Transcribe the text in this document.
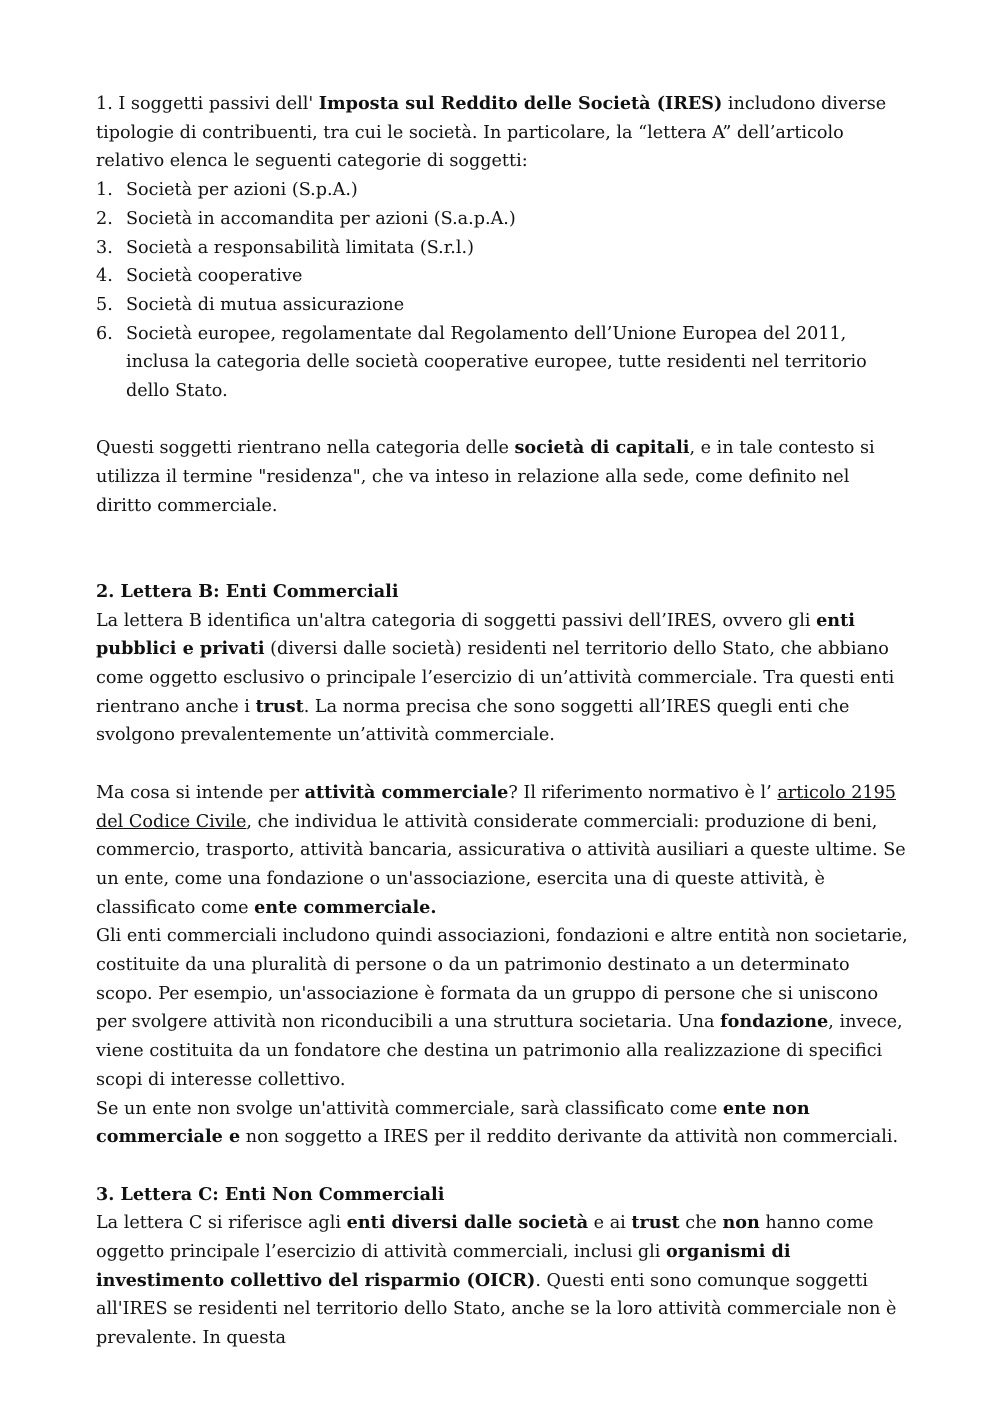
1. I soggetti passivi dell' Imposta sul Reddito delle Società (IRES) includono diverse tipologie di contribuenti, tra cui le società. In particolare, la “lettera A” dell’articolo relativo elenca le seguenti categorie di soggetti:

1. Società per azioni (S.p.A.)
2. Società in accomandita per azioni (S.a.p.A.)
3. Società a responsabilità limitata (S.r.l.)
4. Società cooperative
5. Società di mutua assicurazione
6. Società europee, regolamentate dal Regolamento dell’Unione Europea del 2011, inclusa la categoria delle società cooperative europee, tutte residenti nel territorio dello Stato.

Questi soggetti rientrano nella categoria delle società di capitali, e in tale contesto si utilizza il termine "residenza", che va inteso in relazione alla sede, come definito nel diritto commerciale.

2. Lettera B: Enti Commerciali

La lettera B identifica un'altra categoria di soggetti passivi dell’IRES, ovvero gli enti pubblici e privati (diversi dalle società) residenti nel territorio dello Stato, che abbiano come oggetto esclusivo o principale l’esercizio di un’attività commerciale. Tra questi enti rientrano anche i trust. La norma precisa che sono soggetti all’IRES quegli enti che svolgono prevalentemente un’attività commerciale.

Ma cosa si intende per attività commerciale? Il riferimento normativo è l’ articolo 2195 del Codice Civile, che individua le attività considerate commerciali: produzione di beni, commercio, trasporto, attività bancaria, assicurativa o attività ausiliari a queste ultime. Se un ente, come una fondazione o un'associazione, esercita una di queste attività, è classificato come ente commerciale.

Gli enti commerciali includono quindi associazioni, fondazioni e altre entità non societarie, costituite da una pluralità di persone o da un patrimonio destinato a un determinato scopo. Per esempio, un'associazione è formata da un gruppo di persone che si uniscono per svolgere attività non riconducibili a una struttura societaria. Una fondazione, invece, viene costituita da un fondatore che destina un patrimonio alla realizzazione di specifici scopi di interesse collettivo.

Se un ente non svolge un'attività commerciale, sarà classificato come ente non commerciale e non soggetto a IRES per il reddito derivante da attività non commerciali.

3. Lettera C: Enti Non Commerciali

La lettera C si riferisce agli enti diversi dalle società e ai trust che non hanno come oggetto principale l’esercizio di attività commerciali, inclusi gli organismi di investimento collettivo del risparmio (OICR). Questi enti sono comunque soggetti all'IRES se residenti nel territorio dello Stato, anche se la loro attività commerciale non è prevalente. In questa
